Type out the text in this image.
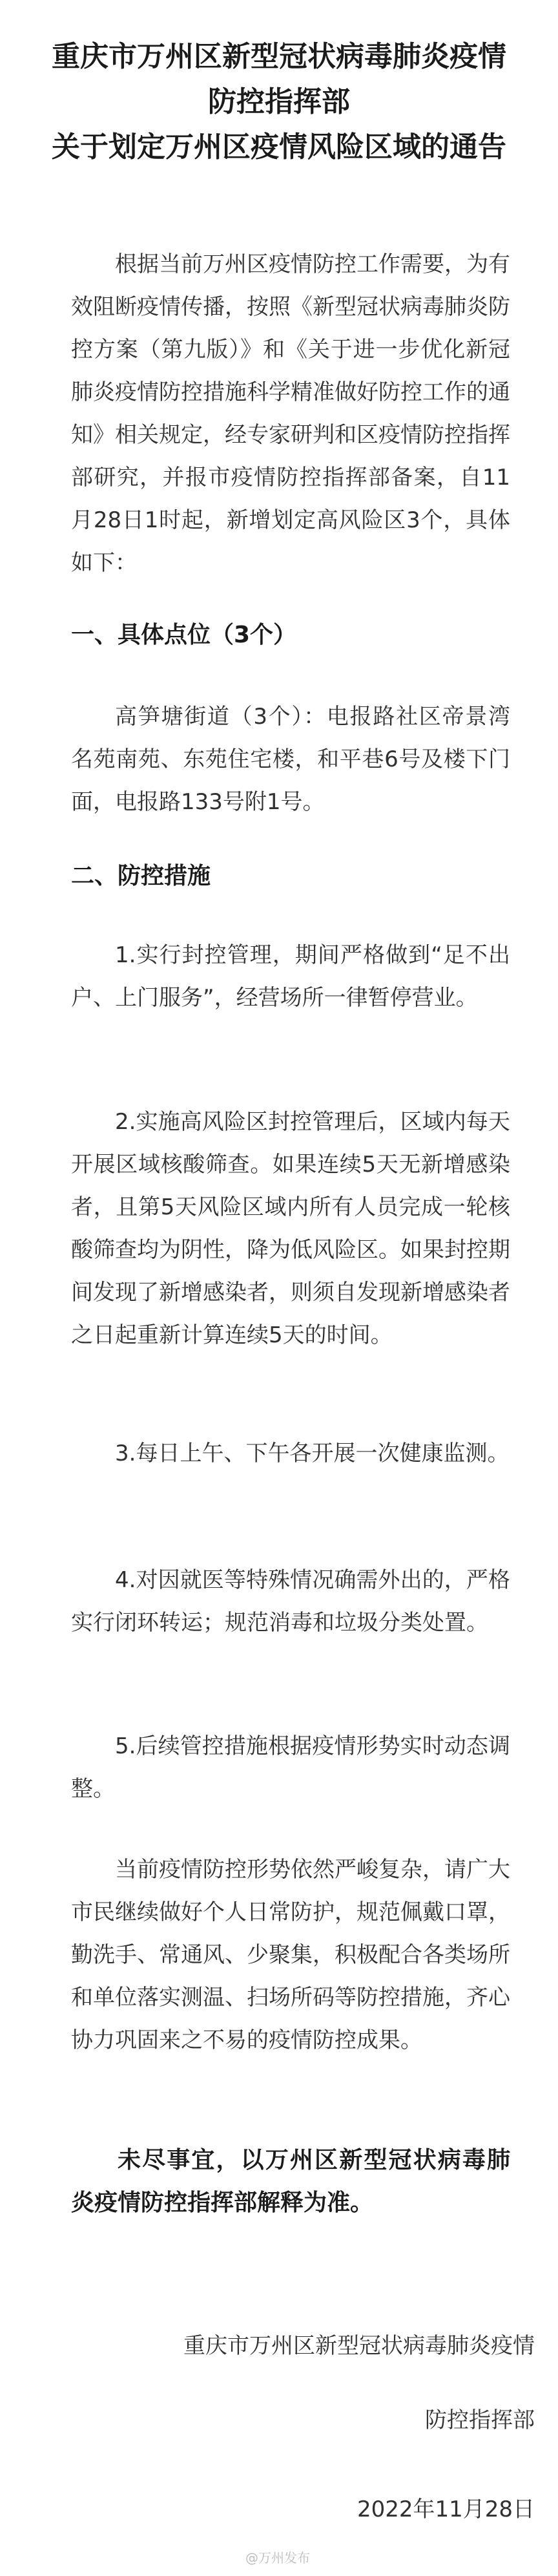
重庆市万州区新型冠状病毒肺炎疫情
防控指挥部
关于划定万州区疫情风险区域的通告

根据当前万州区疫情防控工作需要，为有效阻断疫情传播，按照《新型冠状病毒肺炎防控方案（第九版）》和《关于进一步优化新冠肺炎疫情防控措施科学精准做好防控工作的通知》相关规定，经专家研判和区疫情防控指挥部研究，并报市疫情防控指挥部备案，自11月28日1时起，新增划定高风险区3个，具体如下：

一、具体点位（3个）

高笋塘街道（3个）：电报路社区帝景湾名苑南苑、东苑住宅楼，和平巷6号及楼下门面，电报路133号附1号。

二、防控措施

1.实行封控管理，期间严格做到“足不出户、上门服务”，经营场所一律暂停营业。

2.实施高风险区封控管理后，区域内每天开展区域核酸筛查。如果连续5天无新增感染者，且第5天风险区域内所有人员完成一轮核酸筛查均为阴性，降为低风险区。如果封控期间发现了新增感染者，则须自发现新增感染者之日起重新计算连续5天的时间。

3.每日上午、下午各开展一次健康监测。

4.对因就医等特殊情况确需外出的，严格实行闭环转运；规范消毒和垃圾分类处置。

5.后续管控措施根据疫情形势实时动态调整。

当前疫情防控形势依然严峻复杂，请广大市民继续做好个人日常防护，规范佩戴口罩，勤洗手、常通风、少聚集，积极配合各类场所和单位落实测温、扫场所码等防控措施，齐心协力巩固来之不易的疫情防控成果。

未尽事宜，以万州区新型冠状病毒肺炎疫情防控指挥部解释为准。

重庆市万州区新型冠状病毒肺炎疫情
防控指挥部
2022年11月28日
@万州发布
